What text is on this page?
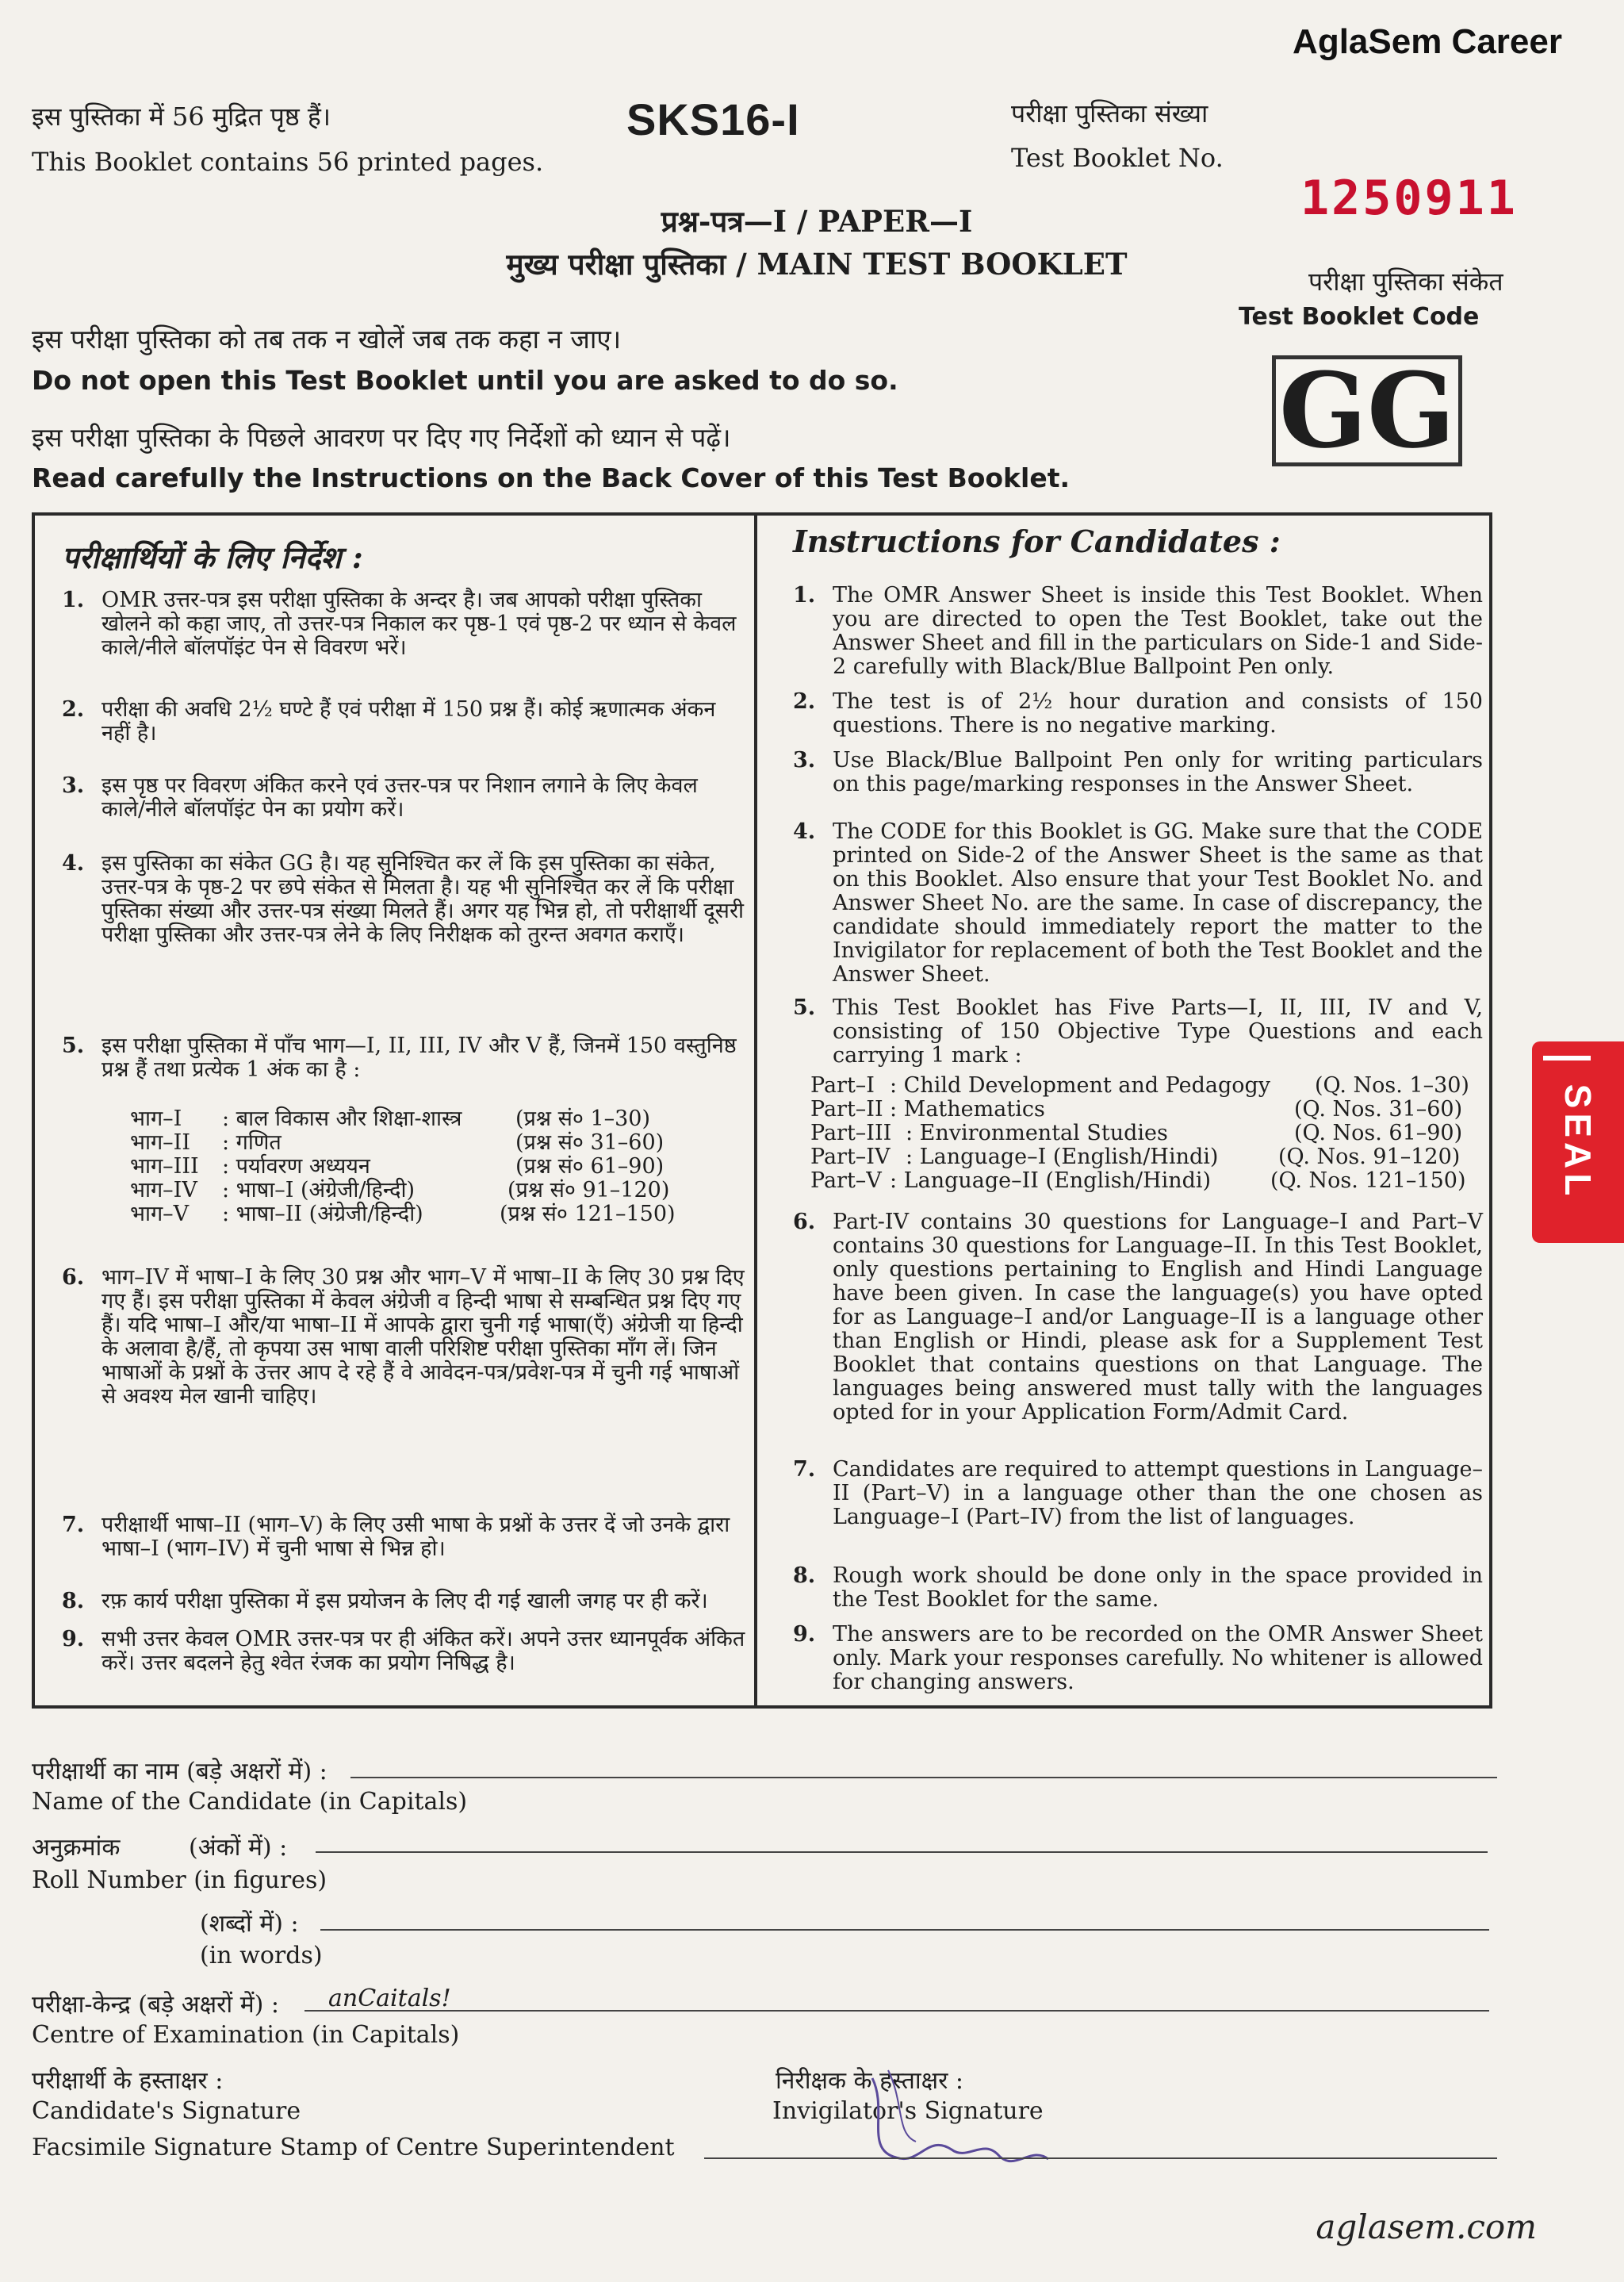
AglaSem Career
इस पुस्तिका में 56 मुद्रित पृष्ठ हैं।
This Booklet contains 56 printed pages.
SKS16-I	परीक्षा पुस्तिका संख्या
Test Booklet No.
1250911
प्रश्न-पत्र—I / PAPER—I
मुख्य परीक्षा पुस्तिका / MAIN TEST BOOKLET	परीक्षा पुस्तिका संकेत
Test Booklet Code
GG
इस परीक्षा पुस्तिका को तब तक न खोलें जब तक कहा न जाए।
Do not open this Test Booklet until you are asked to do so.
इस परीक्षा पुस्तिका के पिछले आवरण पर दिए गए निर्देशों को ध्यान से पढ़ें।
Read carefully the Instructions on the Back Cover of this Test Booklet.
परीक्षार्थियों के लिए निर्देश :
1. OMR उत्तर-पत्र इस परीक्षा पुस्तिका के अन्दर है। जब आपको परीक्षा पुस्तिका खोलने को कहा जाए, तो उत्तर-पत्र निकाल कर पृष्ठ-1 एवं पृष्ठ-2 पर ध्यान से केवल काले/नीले बॉलपॉइंट पेन से विवरण भरें।
2. परीक्षा की अवधि 2½ घण्टे हैं एवं परीक्षा में 150 प्रश्न हैं। कोई ऋणात्मक अंकन नहीं है।
3. इस पृष्ठ पर विवरण अंकित करने एवं उत्तर-पत्र पर निशान लगाने के लिए केवल काले/नीले बॉलपॉइंट पेन का प्रयोग करें।
4. इस पुस्तिका का संकेत GG है। यह सुनिश्चित कर लें कि इस पुस्तिका का संकेत, उत्तर-पत्र के पृष्ठ-2 पर छपे संकेत से मिलता है। यह भी सुनिश्चित कर लें कि परीक्षा पुस्तिका संख्या और उत्तर-पत्र संख्या मिलते हैं। अगर यह भिन्न हो, तो परीक्षार्थी दूसरी परीक्षा पुस्तिका और उत्तर-पत्र लेने के लिए निरीक्षक को तुरन्त अवगत कराएँ।
5. इस परीक्षा पुस्तिका में पाँच भाग—I, II, III, IV और V हैं, जिनमें 150 वस्तुनिष्ठ प्रश्न हैं तथा प्रत्येक 1 अंक का है :
भाग–I : बाल विकास और शिक्षा-शास्त्र	(प्रश्न सं० 1–30)
भाग–II : गणित	(प्रश्न सं० 31–60)
भाग–III : पर्यावरण अध्ययन	(प्रश्न सं० 61–90)
भाग–IV : भाषा–I (अंग्रेजी/हिन्दी)	(प्रश्न सं० 91–120)
भाग–V : भाषा–II (अंग्रेजी/हिन्दी)	(प्रश्न सं० 121–150)
6. भाग–IV में भाषा–I के लिए 30 प्रश्न और भाग–V में भाषा–II के लिए 30 प्रश्न दिए गए हैं। इस परीक्षा पुस्तिका में केवल अंग्रेजी व हिन्दी भाषा से सम्बन्धित प्रश्न दिए गए हैं। यदि भाषा–I और/या भाषा–II में आपके द्वारा चुनी गई भाषा(एँ) अंग्रेजी या हिन्दी के अलावा है/हैं, तो कृपया उस भाषा वाली परिशिष्ट परीक्षा पुस्तिका माँग लें। जिन भाषाओं के प्रश्नों के उत्तर आप दे रहे हैं वे आवेदन-पत्र/प्रवेश-पत्र में चुनी गई भाषाओं से अवश्य मेल खानी चाहिए।
7. परीक्षार्थी भाषा–II (भाग–V) के लिए उसी भाषा के प्रश्नों के उत्तर दें जो उनके द्वारा भाषा–I (भाग–IV) में चुनी भाषा से भिन्न हो।
8. रफ़ कार्य परीक्षा पुस्तिका में इस प्रयोजन के लिए दी गई खाली जगह पर ही करें।
9. सभी उत्तर केवल OMR उत्तर-पत्र पर ही अंकित करें। अपने उत्तर ध्यानपूर्वक अंकित करें। उत्तर बदलने हेतु श्वेत रंजक का प्रयोग निषिद्ध है।
Instructions for Candidates :
1. The OMR Answer Sheet is inside this Test Booklet. When you are directed to open the Test Booklet, take out the Answer Sheet and fill in the particulars on Side-1 and Side-2 carefully with Black/Blue Ballpoint Pen only.
2. The test is of 2½ hour duration and consists of 150 questions. There is no negative marking.
3. Use Black/Blue Ballpoint Pen only for writing particulars on this page/marking responses in the Answer Sheet.
4. The CODE for this Booklet is GG. Make sure that the CODE printed on Side-2 of the Answer Sheet is the same as that on this Booklet. Also ensure that your Test Booklet No. and Answer Sheet No. are the same. In case of discrepancy, the candidate should immediately report the matter to the Invigilator for replacement of both the Test Booklet and the Answer Sheet.
5. This Test Booklet has Five Parts—I, II, III, IV and V, consisting of 150 Objective Type Questions and each carrying 1 mark :
Part–I : Child Development and Pedagogy (Q. Nos. 1–30)
Part–II : Mathematics	(Q. Nos. 31–60)
Part–III : Environmental Studies	(Q. Nos. 61–90)
Part–IV : Language–I (English/Hindi)	(Q. Nos. 91–120)
Part–V : Language–II (English/Hindi)	(Q. Nos. 121–150)
6. Part-IV contains 30 questions for Language–I and Part–V contains 30 questions for Language–II. In this Test Booklet, only questions pertaining to English and Hindi Language have been given. In case the language(s) you have opted for as Language–I and/or Language–II is a language other than English or Hindi, please ask for a Supplement Test Booklet that contains questions on that Language. The languages being answered must tally with the languages opted for in your Application Form/Admit Card.
7. Candidates are required to attempt questions in Language–II (Part–V) in a language other than the one chosen as Language–I (Part–IV) from the list of languages.
8. Rough work should be done only in the space provided in the Test Booklet for the same.
9. The answers are to be recorded on the OMR Answer Sheet only. Mark your responses carefully. No whitener is allowed for changing answers.
परीक्षार्थी का नाम (बड़े अक्षरों में) :
Name of the Candidate (in Capitals)
अनुक्रमांक	(अंकों में) :
Roll Number (in figures)
(शब्दों में) :
(in words)
परीक्षा-केन्द्र (बड़े अक्षरों में) : anCaitals!
Centre of Examination (in Capitals)
परीक्षार्थी के हस्ताक्षर :
Candidate's Signature
निरीक्षक के हस्ताक्षर :
Invigilator's Signature
Facsimile Signature Stamp of Centre Superintendent
SEAL
aglasem.com
